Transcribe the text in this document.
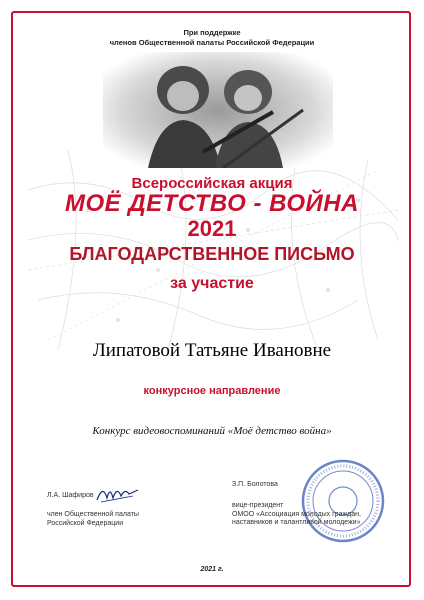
При поддержке
членов Общественной палаты Российской Федерации
Всероссийская акция
МОЁ ДЕТСТВО - ВОЙНА
2021
БЛАГОДАРСТВЕННОЕ ПИСЬМО
за участие
Липатовой Татьяне Ивановне
конкурсное направление
Конкурс видеовоспоминаний «Моё детство война»
Л.А. Шафиров
член Общественной палаты
Российской Федерации
З.П. Болотова
вице-президент
ОМОО «Ассоциация молодых граждан,
наставников и талантливой молодежи»
2021 г.
